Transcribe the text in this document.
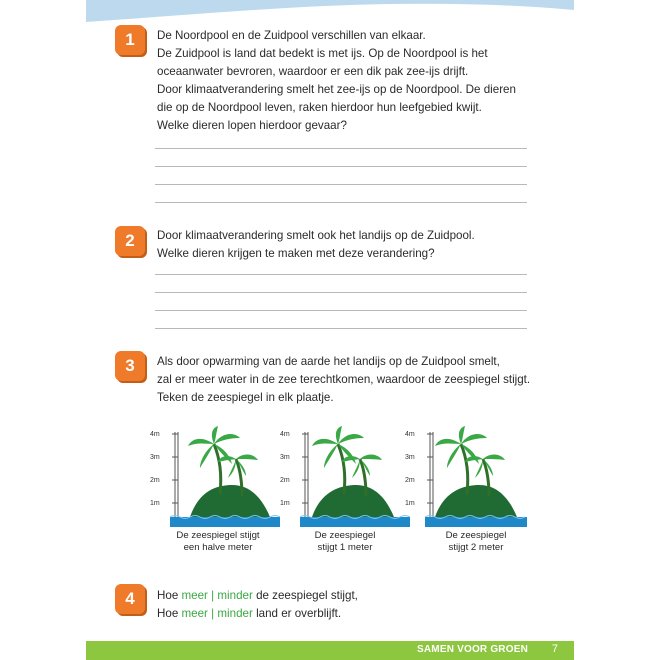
1	De Noordpool en de Zuidpool verschillen van elkaar.

De Zuidpool is land dat bedekt is met ijs. Op de Noordpool is het

oceaanwater bevroren, waardoor er een dik pak zee-ijs drijft.

Door klimaatverandering smelt het zee-ijs op de Noordpool. De dieren

die op de Noordpool leven, raken hierdoor hun leefgebied kwijt.

Welke dieren lopen hierdoor gevaar?

2	Door klimaatverandering smelt ook het landijs op de Zuidpool.

Welke dieren krijgen te maken met deze verandering?

3	Als door opwarming van de aarde het landijs op de Zuidpool smelt,

zal er meer water in de zee terechtkomen, waardoor de zeespiegel stijgt.

Teken de zeespiegel in elk plaatje.

4m
3m
2m
1m
De zeespiegel stijgt
een halve meter
4m
3m
2m
1m
De zeespiegel
stijgt 1 meter
4m
3m
2m
1m
De zeespiegel
stijgt 2 meter
4	Hoe meer | minder de zeespiegel stijgt,

Hoe meer | minder land er overblijft.

SAMEN VOOR GROEN 7
